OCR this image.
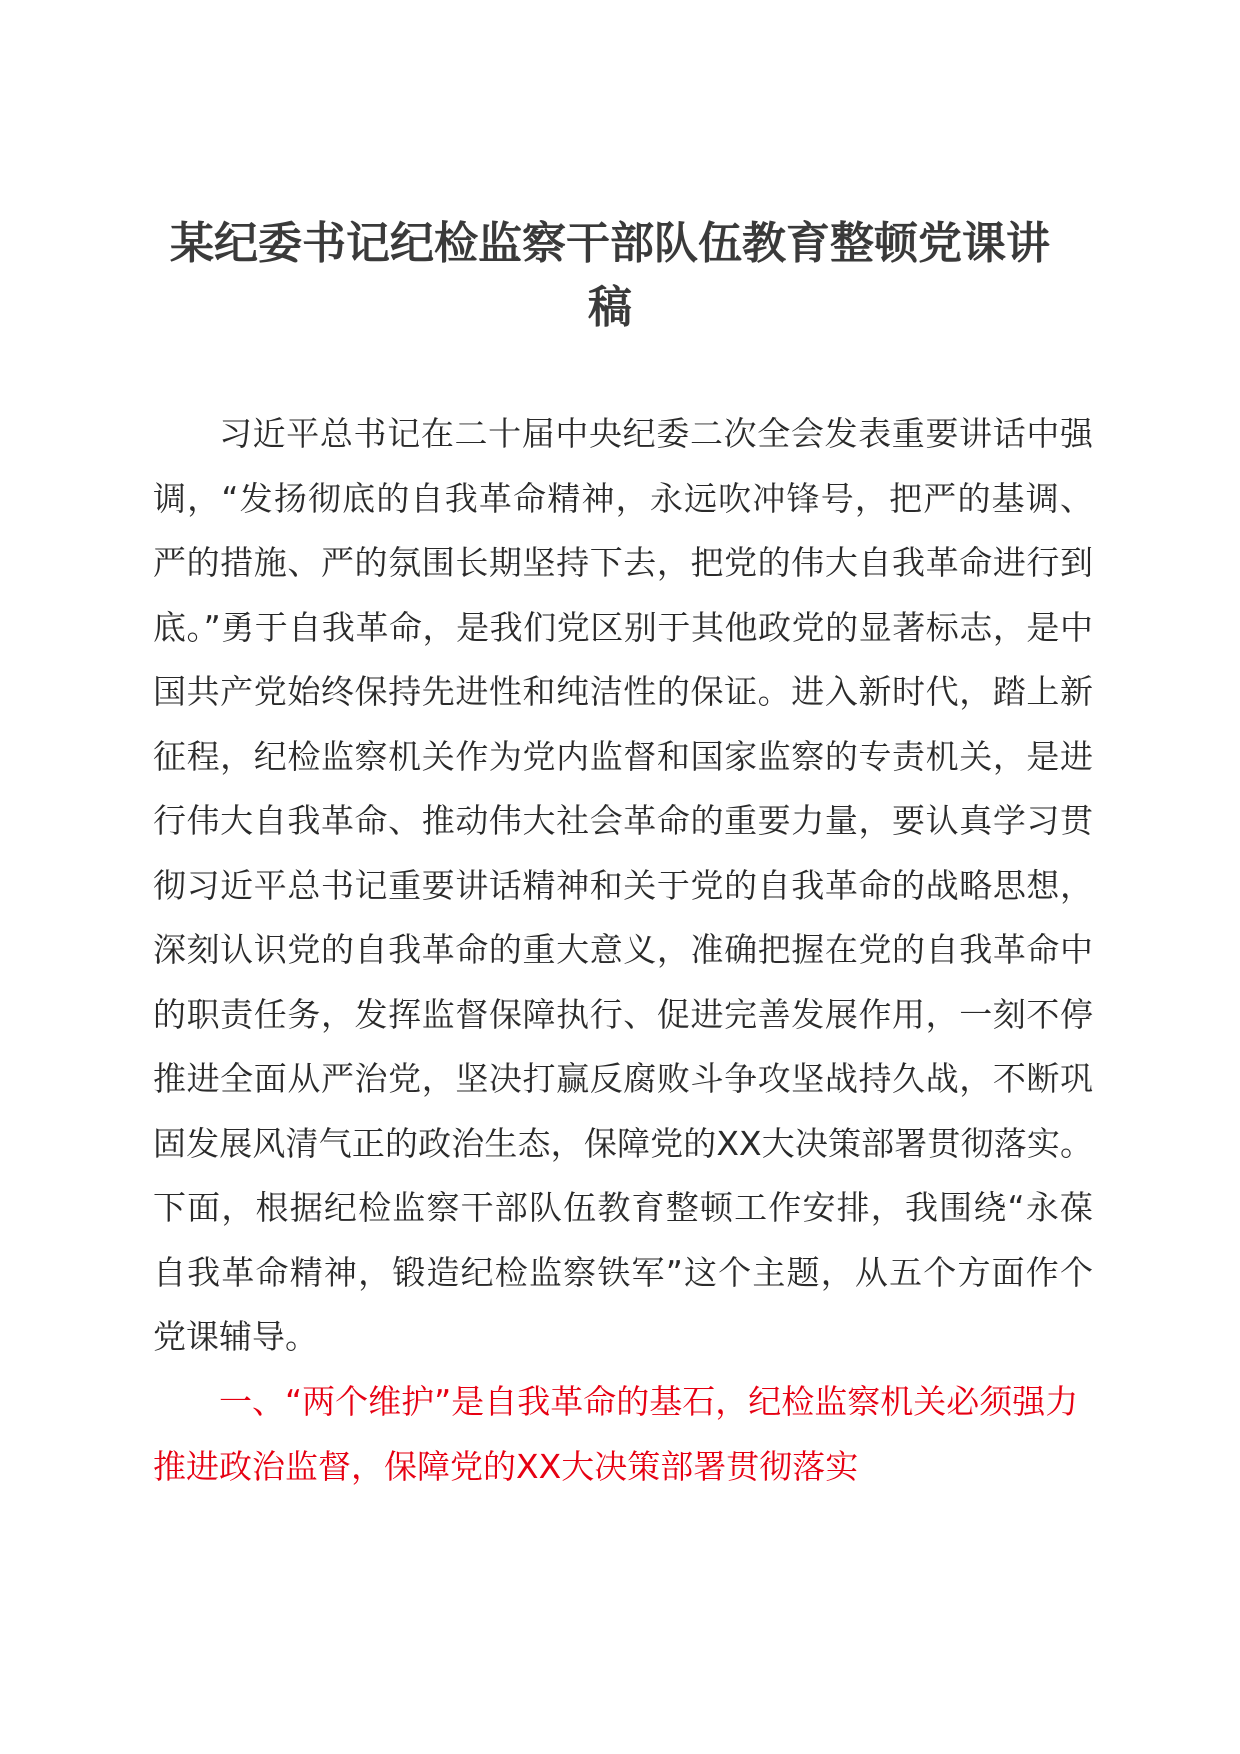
某纪委书记纪检监察干部队伍教育整顿党课讲稿

习近平总书记在二十届中央纪委二次全会发表重要讲话中强调，“发扬彻底的自我革命精神，永远吹冲锋号，把严的基调、严的措施、严的氛围长期坚持下去，把党的伟大自我革命进行到底。”勇于自我革命，是我们党区别于其他政党的显著标志，是中国共产党始终保持先进性和纯洁性的保证。进入新时代，踏上新征程，纪检监察机关作为党内监督和国家监察的专责机关，是进行伟大自我革命、推动伟大社会革命的重要力量，要认真学习贯彻习近平总书记重要讲话精神和关于党的自我革命的战略思想，深刻认识党的自我革命的重大意义，准确把握在党的自我革命中的职责任务，发挥监督保障执行、促进完善发展作用，一刻不停推进全面从严治党，坚决打赢反腐败斗争攻坚战持久战，不断巩固发展风清气正的政治生态，保障党的XX大决策部署贯彻落实。下面，根据纪检监察干部队伍教育整顿工作安排，我围绕“永葆自我革命精神，锻造纪检监察铁军”这个主题，从五个方面作个党课辅导。

一、“两个维护”是自我革命的基石，纪检监察机关必须强力推进政治监督，保障党的XX大决策部署贯彻落实
